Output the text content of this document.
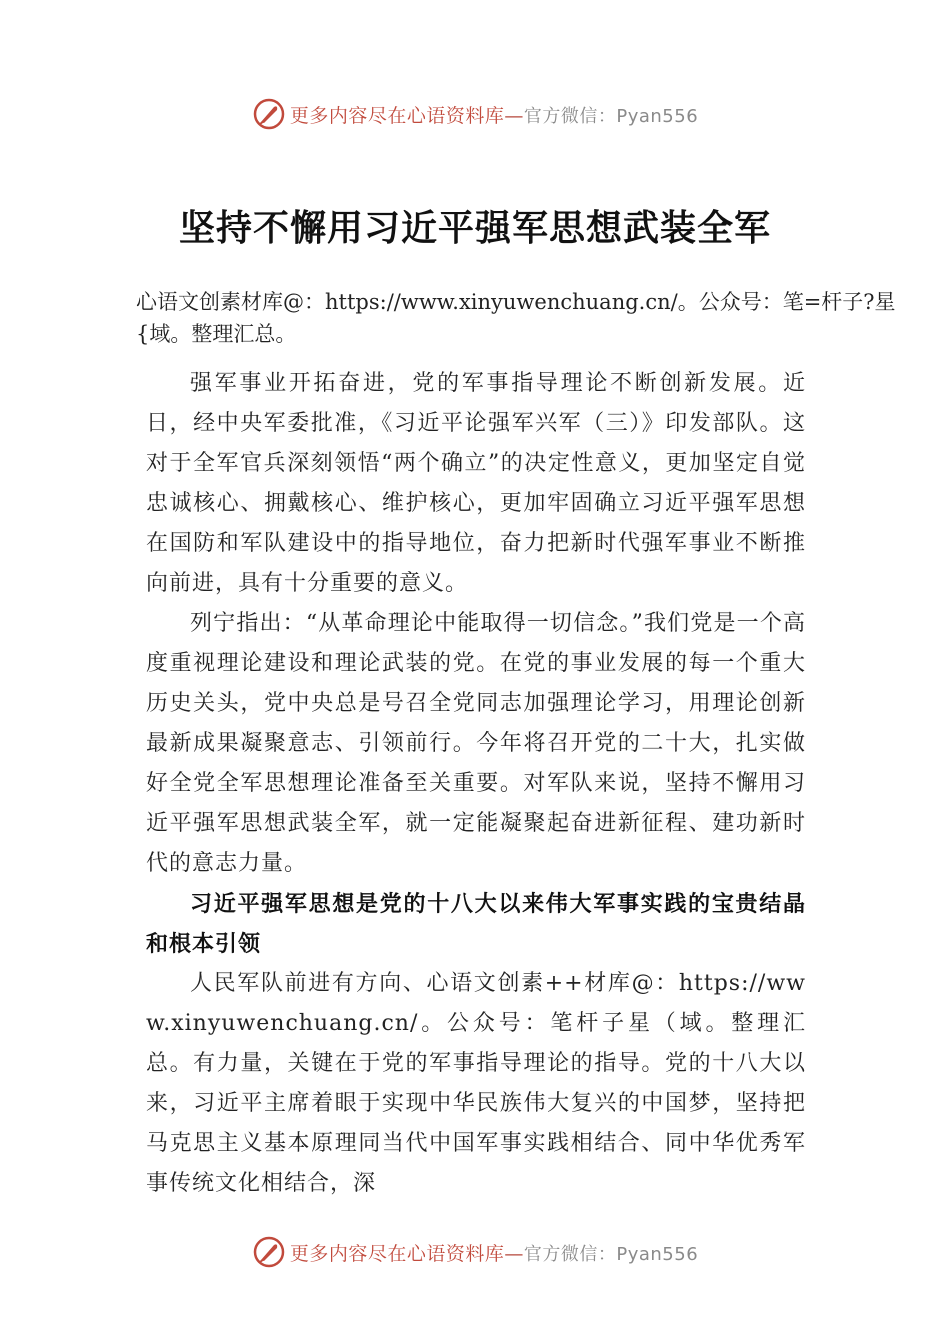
更多内容尽在心语资料库—官方微信：Pyan556
坚持不懈用习近平强军思想武装全军
心语文创素材库@：https://www.xinyuwenchuang.cn/。公众号：笔=杆子?星{域。整理汇总。

强军事业开拓奋进，党的军事指导理论不断创新发展。近日，经中央军委批准，《习近平论强军兴军（三）》印发部队。这对于全军官兵深刻领悟“两个确立”的决定性意义，更加坚定自觉忠诚核心、拥戴核心、维护核心，更加牢固确立习近平强军思想在国防和军队建设中的指导地位，奋力把新时代强军事业不断推向前进，具有十分重要的意义。

列宁指出：“从革命理论中能取得一切信念。”我们党是一个高度重视理论建设和理论武装的党。在党的事业发展的每一个重大历史关头，党中央总是号召全党同志加强理论学习，用理论创新最新成果凝聚意志、引领前行。今年将召开党的二十大，扎实做好全党全军思想理论准备至关重要。对军队来说，坚持不懈用习近平强军思想武装全军，就一定能凝聚起奋进新征程、建功新时代的意志力量。

习近平强军思想是党的十八大以来伟大军事实践的宝贵结晶和根本引领

人民军队前进有方向、心语文创素++材库@：https://www.xinyuwenchuang.cn/。公众号：笔杆子星（域。整理汇总。有力量，关键在于党的军事指导理论的指导。党的十八大以来，习近平主席着眼于实现中华民族伟大复兴的中国梦，坚持把马克思主义基本原理同当代中国军事实践相结合、同中华优秀军事传统文化相结合，深

更多内容尽在心语资料库—官方微信：Pyan556
